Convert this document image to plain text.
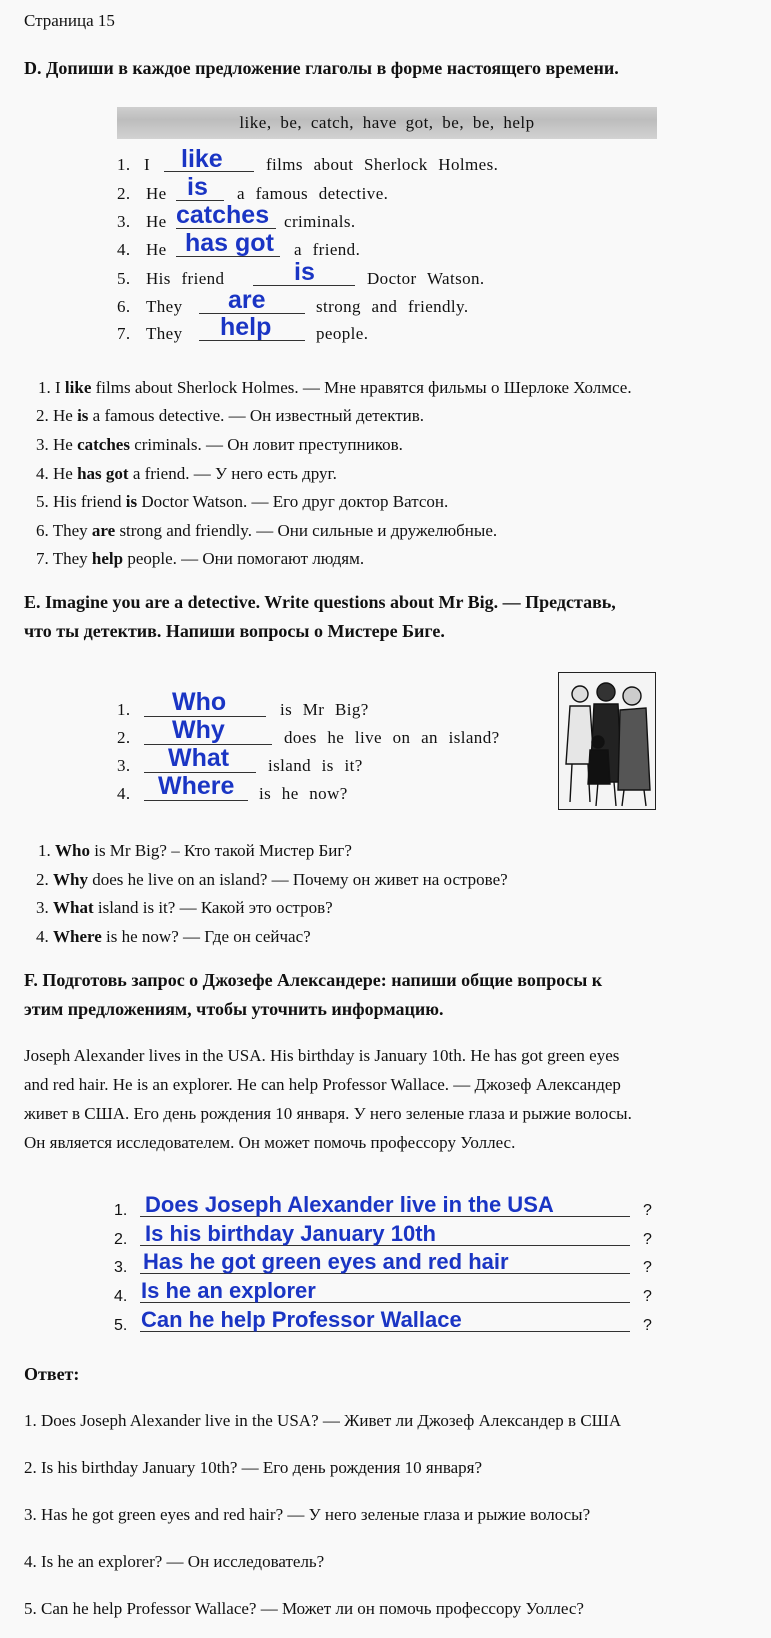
Страница 15
D. Допиши в каждое предложение глаголы в форме настоящего времени.
like, be, catch, have got, be, be, help
1. I like	films about Sherlock Holmes.
2. He is a famous detective.
3. He catches criminals.
4. He has got a friend.
5. His friend	is	Doctor Watson.
6. They are	strong and friendly.
7. They help	people.
1. I like films about Sherlock Holmes. — Мне нравятся фильмы о Шерлоке Холмсе.
2. He is a famous detective. — Он известный детектив.
3. He catches criminals. — Он ловит преступников.
4. He has got a friend. — У него есть друг.
5. His friend is Doctor Watson. — Его друг доктор Ватсон.
6. They are strong and friendly. — Они сильные и дружелюбные.
7. They help people. — Они помогают людям.
E. Imagine you are a detective. Write questions about Mr Big. — Представь,
что ты детектив. Напиши вопросы о Мистере Биге.
1. Who	is Mr Big?
2. Why	does he live on an island?
3. What island is it?
4. Where is he now?
1. Who is Mr Big? – Кто такой Мистер Биг?
2. Why does he live on an island? — Почему он живет на острове?
3. What island is it? — Какой это остров?
4. Where is he now? — Где он сейчас?
F. Подготовь запрос о Джозефе Александере: напиши общие вопросы к
этим предложениям, чтобы уточнить информацию.
Joseph Alexander lives in the USA. His birthday is January 10th. He has got green eyes
and red hair. He is an explorer. He can help Professor Wallace. — Джозеф Александер
живет в США. Его день рождения 10 января. У него зеленые глаза и рыжие волосы.
Он является исследователем. Он может помочь профессору Уоллес.
1. Does Joseph Alexander live in the USA	?
2. Is his birthday January 10th	?
3. Has he got green eyes and red hair	?
4. Is he an explorer	?
5. Can he help Professor Wallace	?
Ответ:
1. Does Joseph Alexander live in the USA? — Живет ли Джозеф Александер в США
2. Is his birthday January 10th? — Его день рождения 10 января?
3. Has he got green eyes and red hair? — У него зеленые глаза и рыжие волосы?
4. Is he an explorer? — Он исследователь?
5. Can he help Professor Wallace? — Может ли он помочь профессору Уоллес?
